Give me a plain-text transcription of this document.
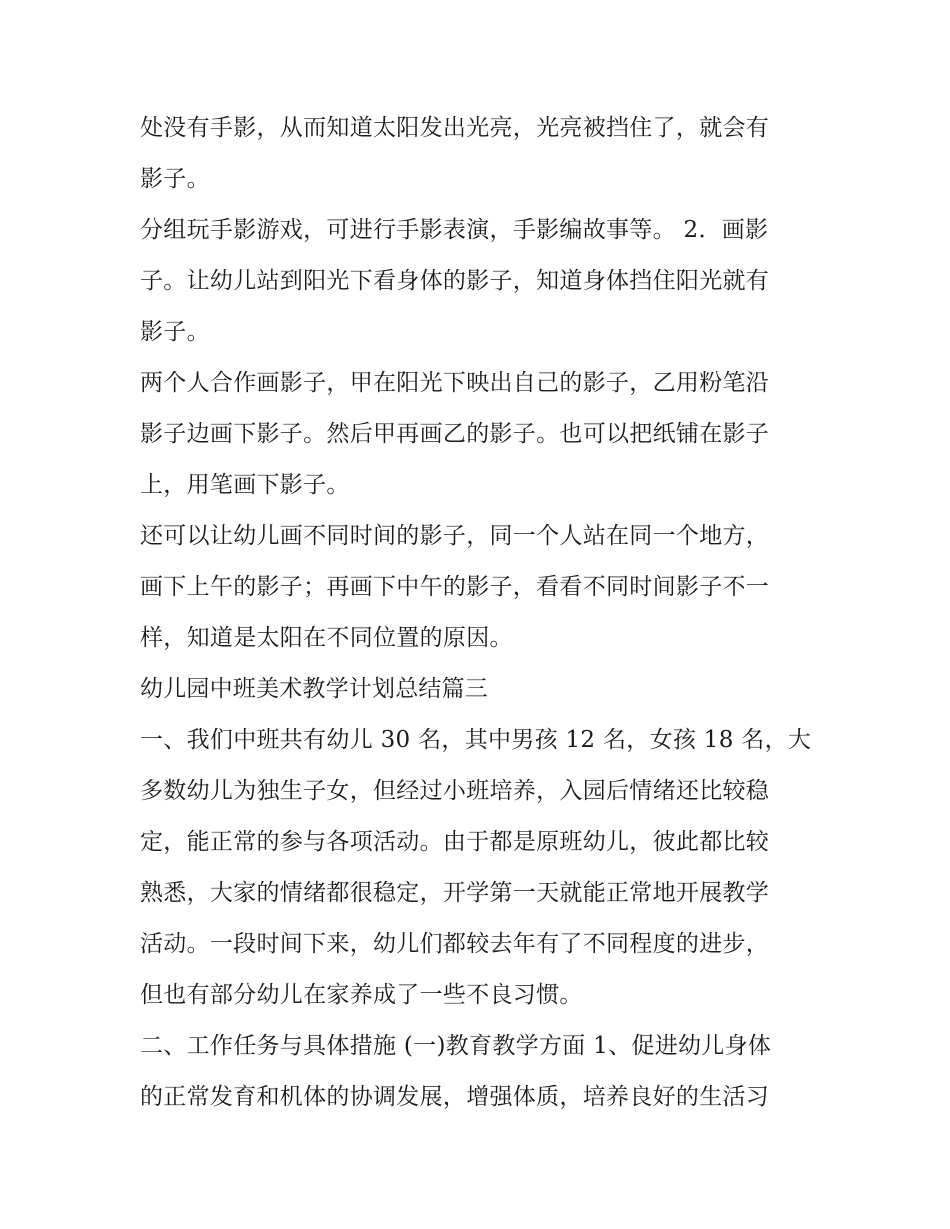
处没有手影，从而知道太阳发出光亮，光亮被挡住了，就会有
影子。

分组玩手影游戏，可进行手影表演，手影编故事等。 2．画影
子。让幼儿站到阳光下看身体的影子，知道身体挡住阳光就有
影子。

两个人合作画影子，甲在阳光下映出自己的影子，乙用粉笔沿
影子边画下影子。然后甲再画乙的影子。也可以把纸铺在影子
上，用笔画下影子。

还可以让幼儿画不同时间的影子，同一个人站在同一个地方，
画下上午的影子；再画下中午的影子，看看不同时间影子不一
样，知道是太阳在不同位置的原因。

幼儿园中班美术教学计划总结篇三

一、我们中班共有幼儿 30 名，其中男孩 12 名，女孩 18 名，大
多数幼儿为独生子女，但经过小班培养，入园后情绪还比较稳
定，能正常的参与各项活动。由于都是原班幼儿，彼此都比较
熟悉，大家的情绪都很稳定，开学第一天就能正常地开展教学
活动。一段时间下来，幼儿们都较去年有了不同程度的进步，
但也有部分幼儿在家养成了一些不良习惯。

二、工作任务与具体措施 (一)教育教学方面 1、促进幼儿身体
的正常发育和机体的协调发展，增强体质，培养良好的生活习
